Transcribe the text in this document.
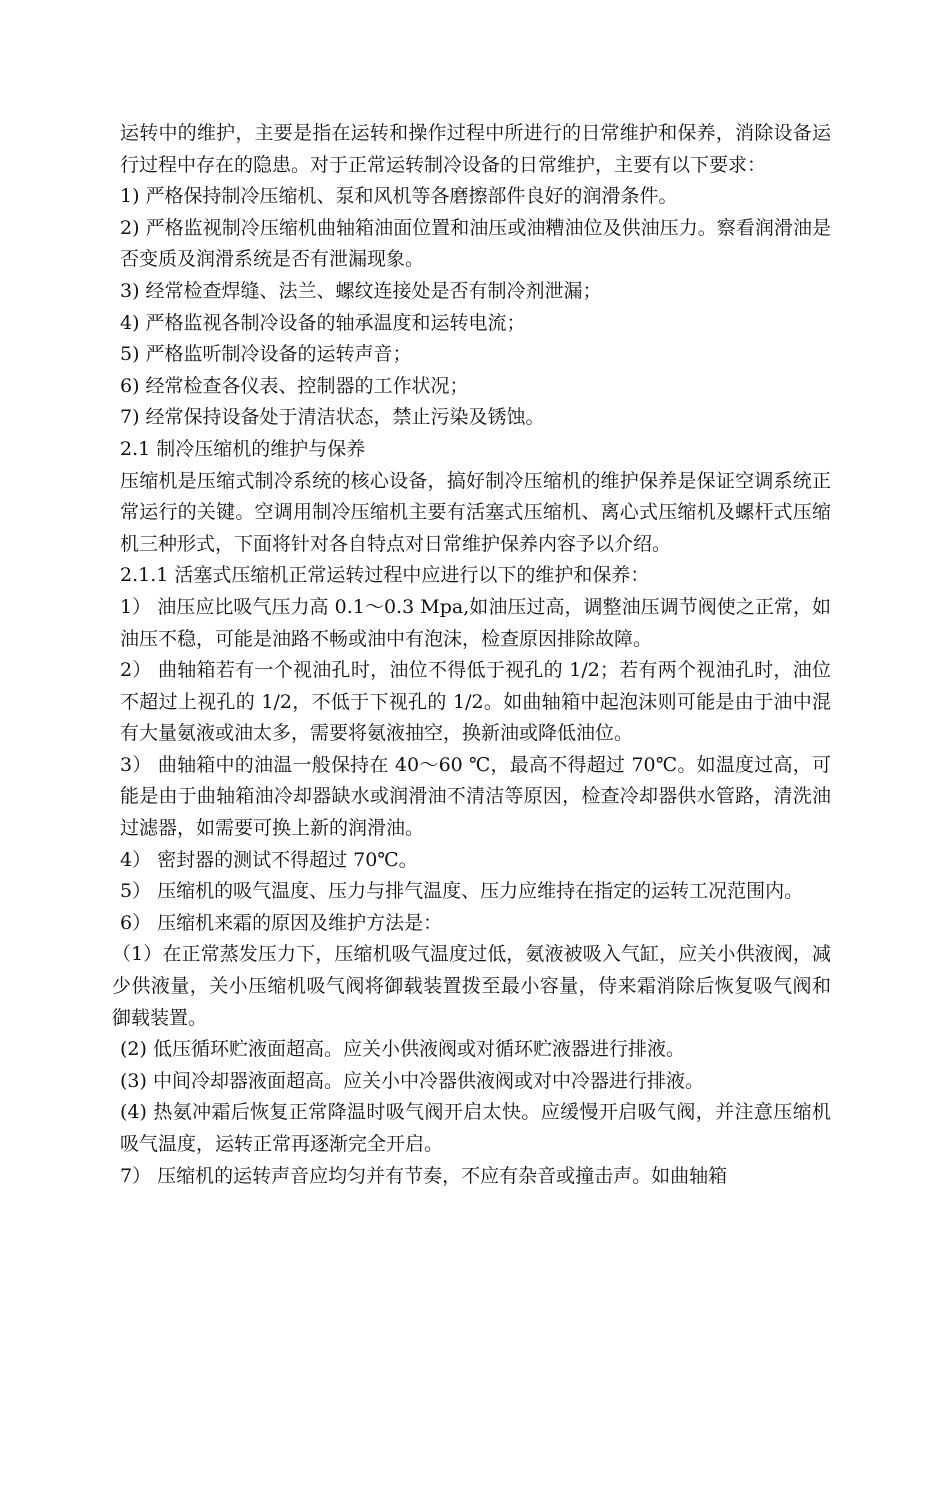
运转中的维护，主要是指在运转和操作过程中所进行的日常维护和保养，消除设备运行过程中存在的隐患。对于正常运转制冷设备的日常维护，主要有以下要求：

1) 严格保持制冷压缩机、泵和风机等各磨擦部件良好的润滑条件。

2) 严格监视制冷压缩机曲轴箱油面位置和油压或油糟油位及供油压力。察看润滑油是否变质及润滑系统是否有泄漏现象。

3) 经常检查焊缝、法兰、螺纹连接处是否有制冷剂泄漏；

4) 严格监视各制冷设备的轴承温度和运转电流；

5) 严格监听制冷设备的运转声音；

6) 经常检查各仪表、控制器的工作状况；

7) 经常保持设备处于清洁状态，禁止污染及锈蚀。

2.1 制冷压缩机的维护与保养

压缩机是压缩式制冷系统的核心设备，搞好制冷压缩机的维护保养是保证空调系统正常运行的关键。空调用制冷压缩机主要有活塞式压缩机、离心式压缩机及螺杆式压缩机三种形式，下面将针对各自特点对日常维护保养内容予以介绍。

2.1.1 活塞式压缩机正常运转过程中应进行以下的维护和保养：

1） 油压应比吸气压力高 0.1～0.3 Mpa,如油压过高，调整油压调节阀使之正常，如油压不稳，可能是油路不畅或油中有泡沫，检查原因排除故障。

2） 曲轴箱若有一个视油孔时，油位不得低于视孔的 1/2；若有两个视油孔时，油位不超过上视孔的 1/2，不低于下视孔的 1/2。如曲轴箱中起泡沫则可能是由于油中混有大量氨液或油太多，需要将氨液抽空，换新油或降低油位。

3） 曲轴箱中的油温一般保持在 40～60 ℃，最高不得超过 70℃。如温度过高，可能是由于曲轴箱油冷却器缺水或润滑油不清洁等原因，检查冷却器供水管路，清洗油过滤器，如需要可换上新的润滑油。

4） 密封器的测试不得超过 70℃。

5） 压缩机的吸气温度、压力与排气温度、压力应维持在指定的运转工况范围内。

6） 压缩机来霜的原因及维护方法是：

（1）在正常蒸发压力下，压缩机吸气温度过低，氨液被吸入气缸，应关小供液阀，减少供液量，关小压缩机吸气阀将御载装置拨至最小容量，侍来霜消除后恢复吸气阀和御载装置。

(2) 低压循环贮液面超高。应关小供液阀或对循环贮液器进行排液。

(3) 中间冷却器液面超高。应关小中冷器供液阀或对中冷器进行排液。

(4) 热氨冲霜后恢复正常降温时吸气阀开启太快。应缓慢开启吸气阀，并注意压缩机吸气温度，运转正常再逐渐完全开启。

7） 压缩机的运转声音应均匀并有节奏，不应有杂音或撞击声。如曲轴箱
